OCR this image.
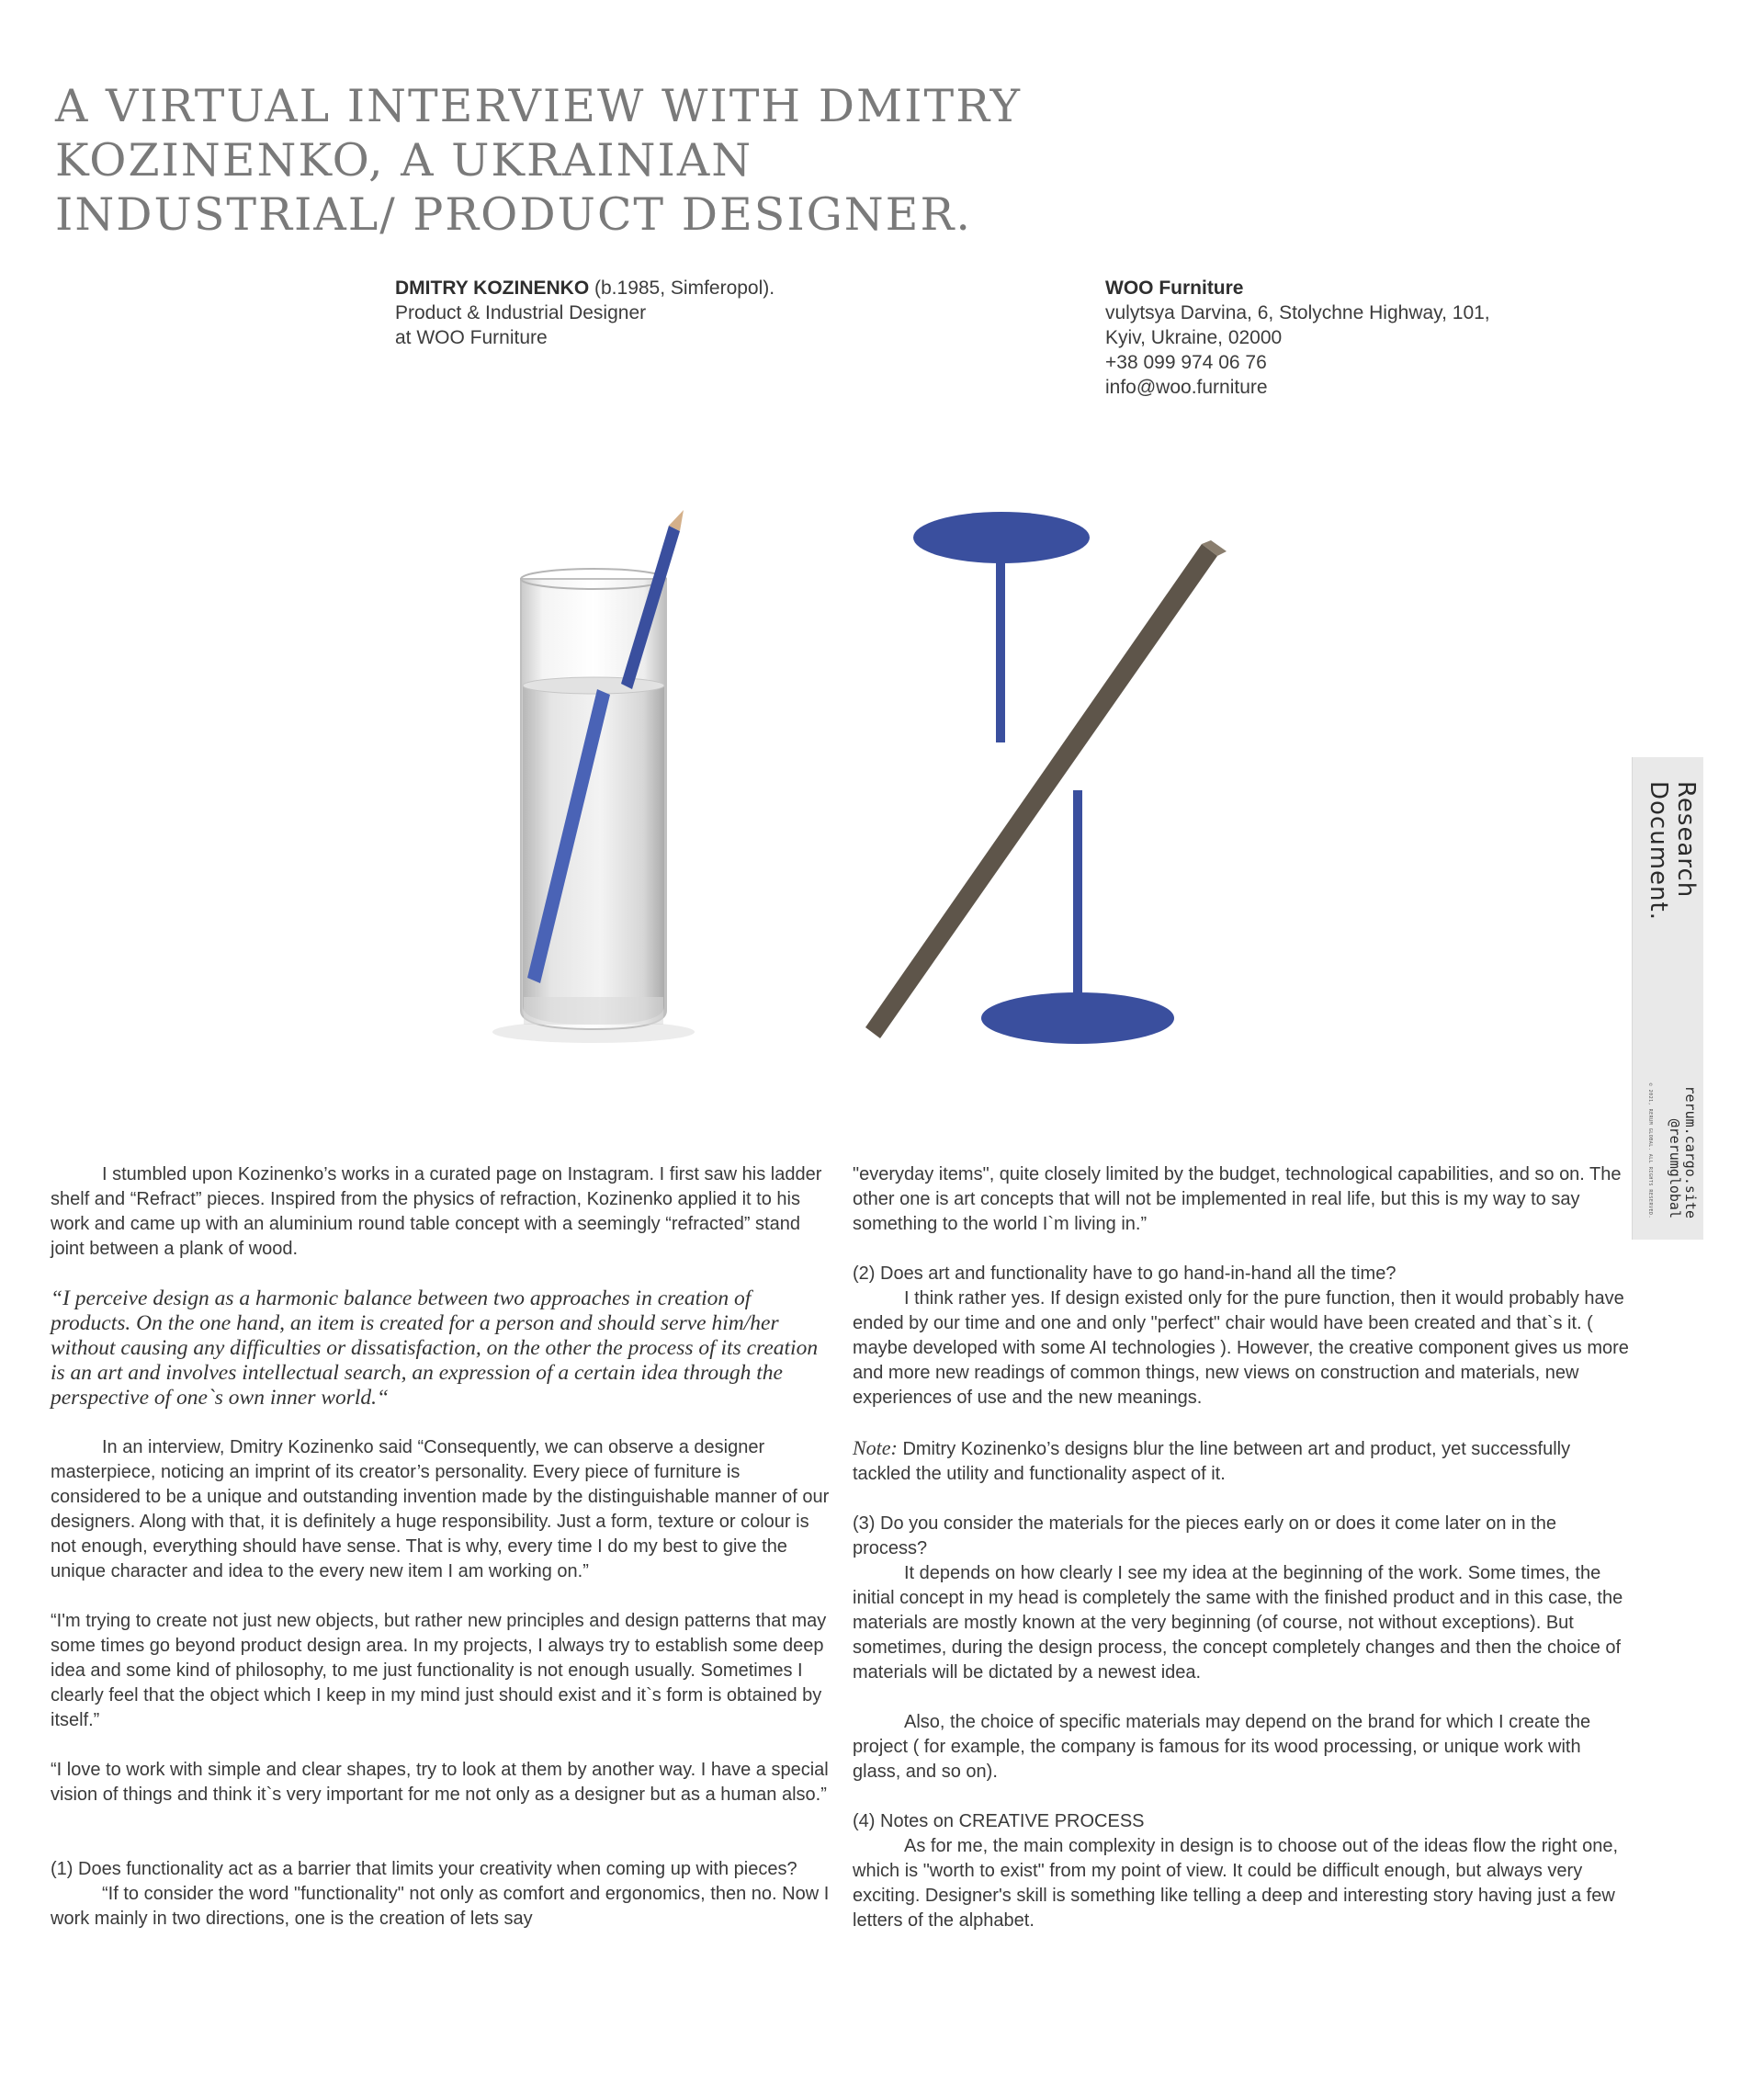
A VIRTUAL INTERVIEW WITH DMITRY
KOZINENKO, A UKRAINIAN
INDUSTRIAL/ PRODUCT DESIGNER.
DMITRY KOZINENKO (b.1985, Simferopol).
Product & Industrial Designer
at WOO Furniture
WOO Furniture
vulytsya Darvina, 6, Stolychne Highway, 101,
Kyiv, Ukraine, 02000
+38 099 974 06 76
info@woo.furniture
Research
Document.
rerum.cargo.site
@rerumglobal
© 2021, RERUM GLOBAL. ALL RIGHTS RESERVED.

I stumbled upon Kozinenko’s works in a curated page on Instagram. I first saw his ladder shelf and “Refract” pieces. Inspired from the physics of refraction, Kozinenko applied it to his work and came up with an aluminium round table concept with a seemingly “refracted” stand joint between a plank of wood.

“I perceive design as a harmonic balance between two approaches in creation of products. On the one hand, an item is created for a person and should serve him/her without causing any difficulties or dissatisfaction, on the other the process of its creation is an art and involves intellectual search, an expression of a certain idea through the perspective of one`s own inner world.“

In an interview, Dmitry Kozinenko said “Consequently, we can observe a designer masterpiece, noticing an imprint of its creator’s personality. Every piece of furniture is considered to be a unique and outstanding invention made by the distinguishable manner of our designers. Along with that, it is definitely a huge responsibility. Just a form, texture or colour is not enough, everything should have sense. That is why, every time I do my best to give the unique character and idea to the every new item I am working on.”

“I'm trying to create not just new objects, but rather new principles and design patterns that may some times go beyond product design area. In my projects, I always try to establish some deep idea and some kind of philosophy, to me just functionality is not enough usually. Sometimes I clearly feel that the object which I keep in my mind just should exist and it`s form is obtained by itself.”

“I love to work with simple and clear shapes, try to look at them by another way. I have a special vision of things and think it`s very important for me not only as a designer but as a human also.”

(1) Does functionality act as a barrier that limits your creativity when coming up with pieces?

“If to consider the word "functionality" not only as comfort and ergonomics, then no. Now I work mainly in two directions, one is the creation of lets say

"everyday items", quite closely limited by the budget, technological capabilities, and so on. The other one is art concepts that will not be implemented in real life, but this is my way to say something to the world I`m living in.”

(2) Does art and functionality have to go hand-in-hand all the time?

I think rather yes. If design existed only for the pure function, then it would probably have ended by our time and one and only "perfect" chair would have been created and that`s it. ( maybe developed with some AI technologies ). However, the creative component gives us more and more new readings of common things, new views on construction and materials, new experiences of use and the new meanings.

Note: Dmitry Kozinenko’s designs blur the line between art and product, yet successfully tackled the utility and functionality aspect of it.

(3) Do you consider the materials for the pieces early on or does it come later on in the process?

It depends on how clearly I see my idea at the beginning of the work. Some times, the initial concept in my head is completely the same with the finished product and in this case, the materials are mostly known at the very beginning (of course, not without exceptions). But sometimes, during the design process, the concept completely changes and then the choice of materials will be dictated by a newest idea.

Also, the choice of specific materials may depend on the brand for which I create the project ( for example, the company is famous for its wood processing, or unique work with glass, and so on).

(4) Notes on CREATIVE PROCESS

As for me, the main complexity in design is to choose out of the ideas flow the right one, which is "worth to exist" from my point of view. It could be difficult enough, but always very exciting. Designer's skill is something like telling a deep and interesting story having just a few letters of the alphabet.
